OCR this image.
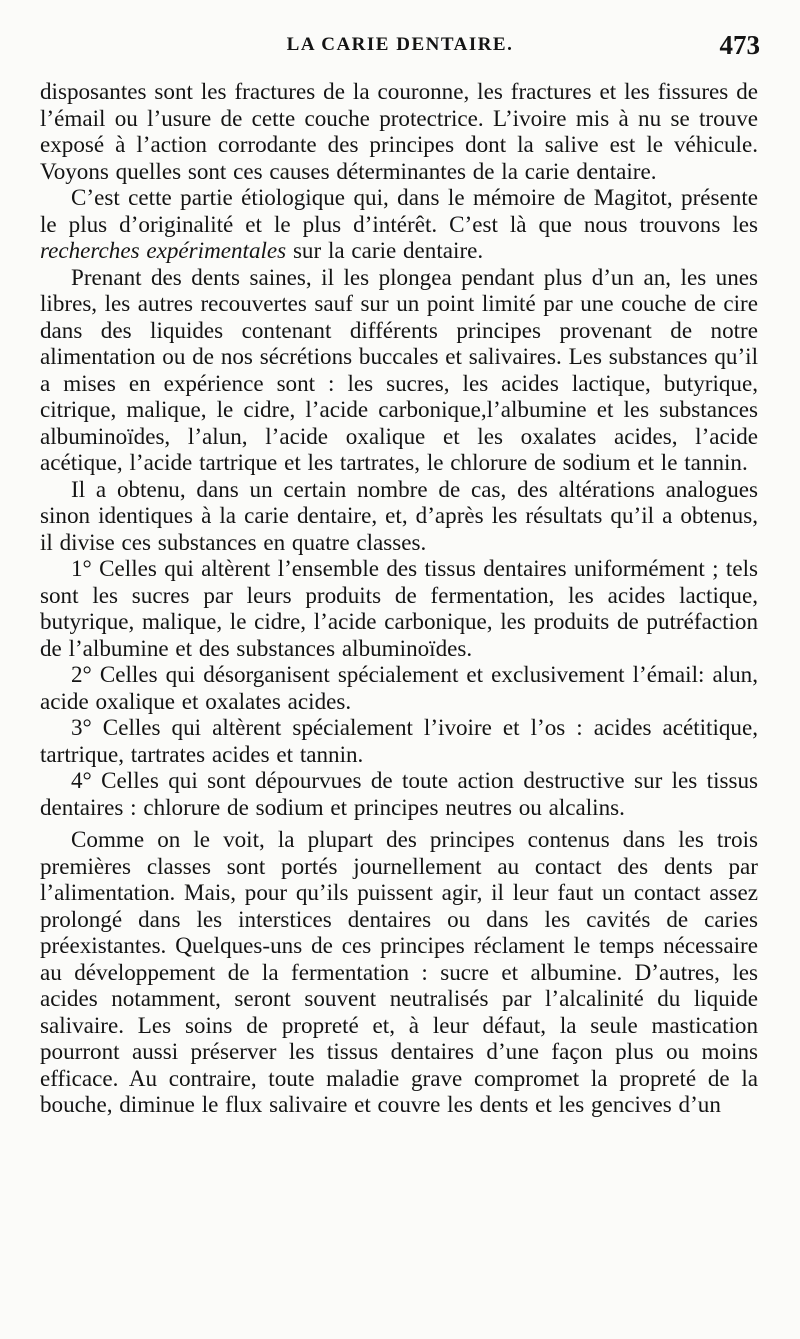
LA CARIE DENTAIRE.	473

disposantes sont les fractures de la couronne, les fractures et les fissures de l’émail ou l’usure de cette couche protectrice. L’ivoire mis à nu se trouve exposé à l’action corrodante des principes dont la salive est le véhicule. Voyons quelles sont ces causes déterminantes de la carie dentaire.

C’est cette partie étiologique qui, dans le mémoire de Magitot, présente le plus d’originalité et le plus d’intérêt. C’est là que nous trouvons les recherches expérimentales sur la carie dentaire.

Prenant des dents saines, il les plongea pendant plus d’un an, les unes libres, les autres recouvertes sauf sur un point limité par une couche de cire dans des liquides contenant différents principes provenant de notre alimentation ou de nos sécrétions buccales et salivaires. Les substances qu’il a mises en expérience sont : les sucres, les acides lactique, butyrique, citrique, malique, le cidre, l’acide carbonique,l’albumine et les substances albuminoïdes, l’alun, l’acide oxalique et les oxalates acides, l’acide acétique, l’acide tartrique et les tartrates, le chlorure de sodium et le tannin.

Il a obtenu, dans un certain nombre de cas, des altérations analogues sinon identiques à la carie dentaire, et, d’après les résultats qu’il a obtenus, il divise ces substances en quatre classes.

1° Celles qui altèrent l’ensemble des tissus dentaires uniformément ; tels sont les sucres par leurs produits de fermentation, les acides lactique, butyrique, malique, le cidre, l’acide carbonique, les produits de putréfaction de l’albumine et des substances albuminoïdes.

2° Celles qui désorganisent spécialement et exclusivement l’émail: alun, acide oxalique et oxalates acides.

3° Celles qui altèrent spécialement l’ivoire et l’os : acides acétitique, tartrique, tartrates acides et tannin.

4° Celles qui sont dépourvues de toute action destructive sur les tissus dentaires : chlorure de sodium et principes neutres ou alcalins.

Comme on le voit, la plupart des principes contenus dans les trois premières classes sont portés journellement au contact des dents par l’alimentation. Mais, pour qu’ils puissent agir, il leur faut un contact assez prolongé dans les interstices dentaires ou dans les cavités de caries préexistantes. Quelques-uns de ces principes réclament le temps nécessaire au développement de la fermentation : sucre et albumine. D’autres, les acides notamment, seront souvent neutralisés par l’alcalinité du liquide salivaire. Les soins de propreté et, à leur défaut, la seule mastication pourront aussi préserver les tissus dentaires d’une façon plus ou moins efficace. Au contraire, toute maladie grave compromet la propreté de la bouche, diminue le flux salivaire et couvre les dents et les gencives d’un
